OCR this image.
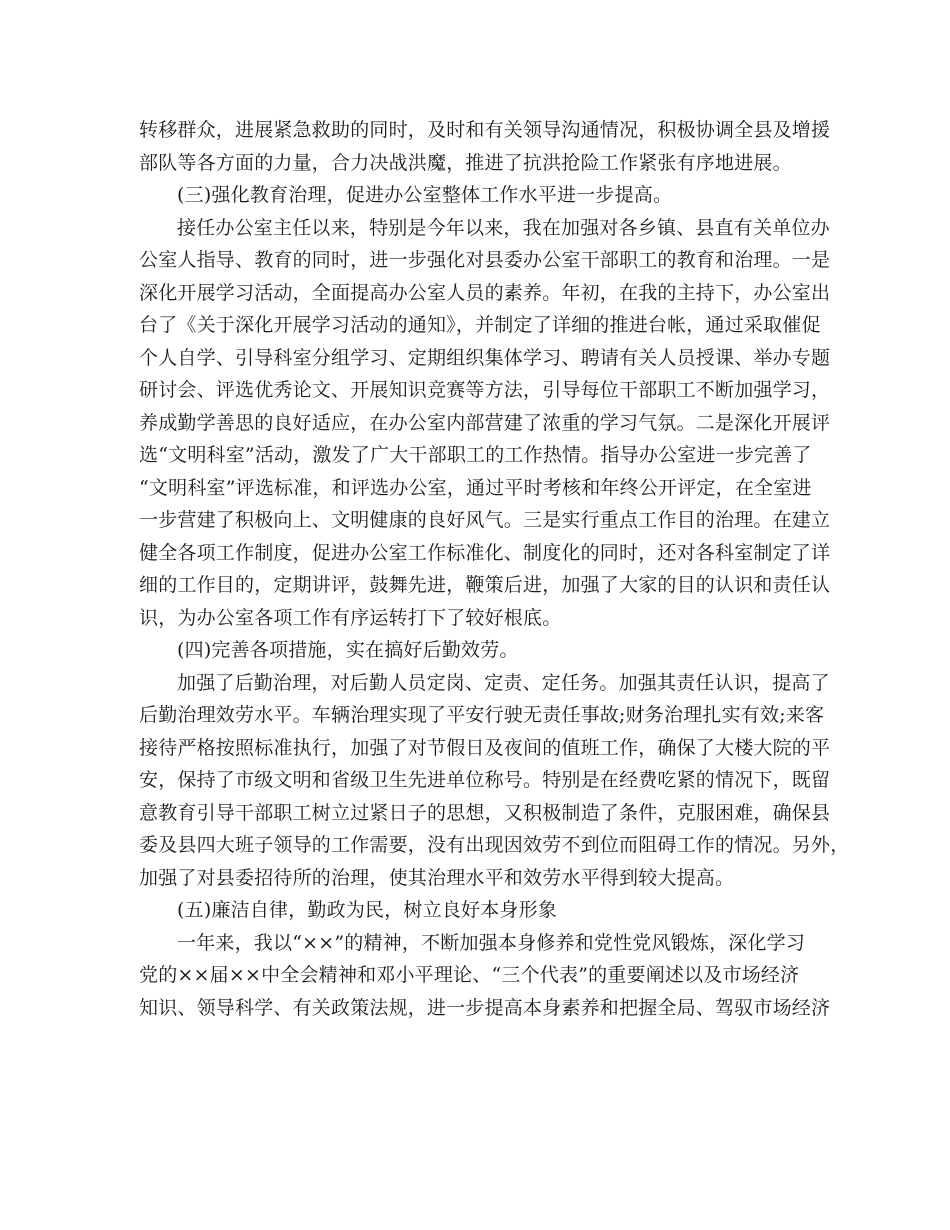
转移群众，进展紧急救助的同时，及时和有关领导沟通情况，积极协调全县及增援
部队等各方面的力量，合力决战洪魔，推进了抗洪抢险工作紧张有序地进展。
(三)强化教育治理，促进办公室整体工作水平进一步提高。
接任办公室主任以来，特别是今年以来，我在加强对各乡镇、县直有关单位办
公室人指导、教育的同时，进一步强化对县委办公室干部职工的教育和治理。一是
深化开展学习活动，全面提高办公室人员的素养。年初，在我的主持下，办公室出
台了《关于深化开展学习活动的通知》，并制定了详细的推进台帐，通过采取催促
个人自学、引导科室分组学习、定期组织集体学习、聘请有关人员授课、举办专题
研讨会、评选优秀论文、开展知识竞赛等方法，引导每位干部职工不断加强学习，
养成勤学善思的良好适应，在办公室内部营建了浓重的学习气氛。二是深化开展评
选“文明科室”活动，激发了广大干部职工的工作热情。指导办公室进一步完善了
“文明科室”评选标准，和评选办公室，通过平时考核和年终公开评定，在全室进
一步营建了积极向上、文明健康的良好风气。三是实行重点工作目的治理。在建立
健全各项工作制度，促进办公室工作标准化、制度化的同时，还对各科室制定了详
细的工作目的，定期讲评，鼓舞先进，鞭策后进，加强了大家的目的认识和责任认
识，为办公室各项工作有序运转打下了较好根底。
(四)完善各项措施，实在搞好后勤效劳。
加强了后勤治理，对后勤人员定岗、定责、定任务。加强其责任认识，提高了
后勤治理效劳水平。车辆治理实现了平安行驶无责任事故;财务治理扎实有效;来客
接待严格按照标准执行，加强了对节假日及夜间的值班工作，确保了大楼大院的平
安，保持了市级文明和省级卫生先进单位称号。特别是在经费吃紧的情况下，既留
意教育引导干部职工树立过紧日子的思想，又积极制造了条件，克服困难，确保县
委及县四大班子领导的工作需要，没有出现因效劳不到位而阻碍工作的情况。另外，
加强了对县委招待所的治理，使其治理水平和效劳水平得到较大提高。
(五)廉洁自律，勤政为民，树立良好本身形象
一年来，我以“××”的精神，不断加强本身修养和党性党风锻炼，深化学习
党的××届××中全会精神和邓小平理论、“三个代表”的重要阐述以及市场经济
知识、领导科学、有关政策法规，进一步提高本身素养和把握全局、驾驭市场经济
